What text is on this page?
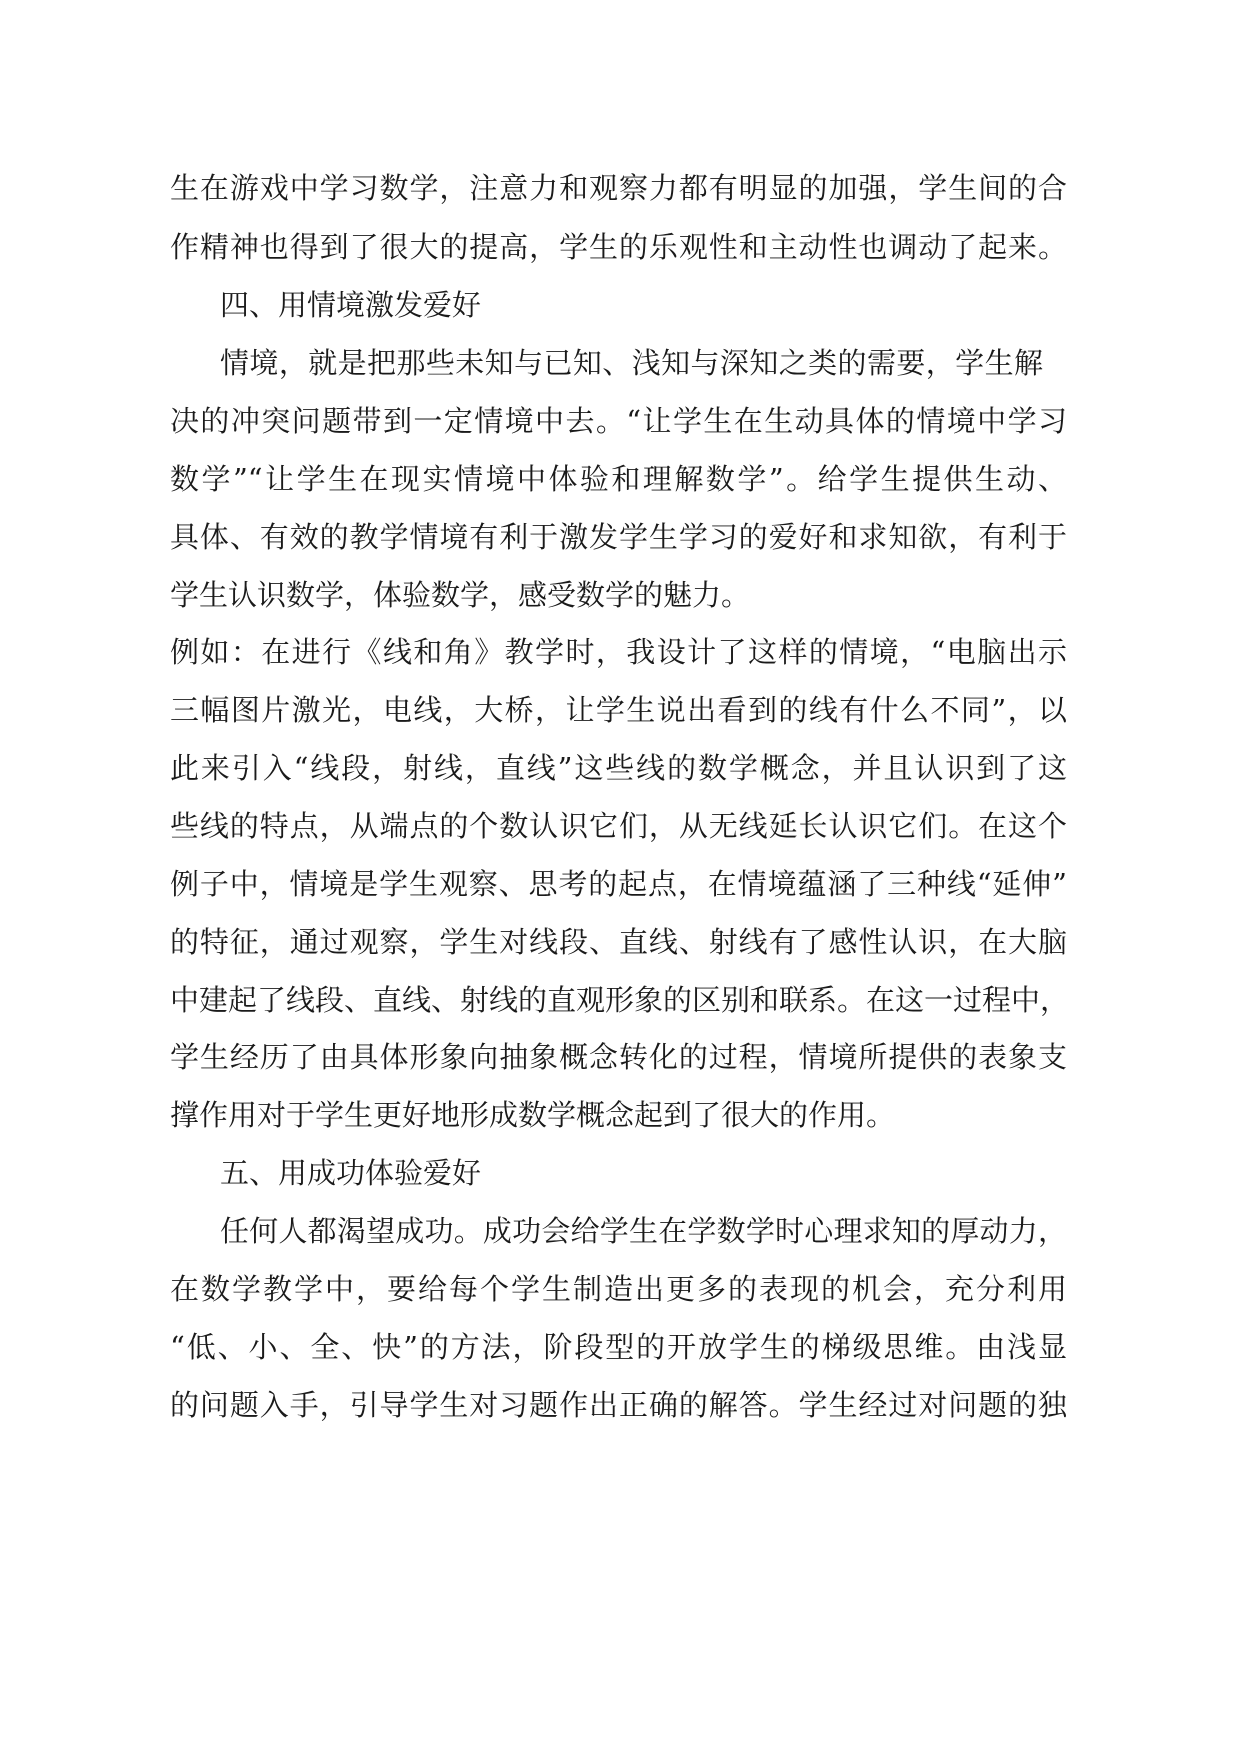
生在游戏中学习数学，注意力和观察力都有明显的加强，学生间的合

作精神也得到了很大的提高，学生的乐观性和主动性也调动了起来。

四、用情境激发爱好

情境，就是把那些未知与已知、浅知与深知之类的需要，学生解

决的冲突问题带到一定情境中去。“让学生在生动具体的情境中学习

数学”“让学生在现实情境中体验和理解数学”。给学生提供生动、

具体、有效的教学情境有利于激发学生学习的爱好和求知欲，有利于

学生认识数学，体验数学，感受数学的魅力。

例如：在进行《线和角》教学时，我设计了这样的情境，“电脑出示

三幅图片激光，电线，大桥，让学生说出看到的线有什么不同”，以

此来引入“线段，射线，直线”这些线的数学概念，并且认识到了这

些线的特点，从端点的个数认识它们，从无线延长认识它们。在这个

例子中，情境是学生观察、思考的起点，在情境蕴涵了三种线“延伸”

的特征，通过观察，学生对线段、直线、射线有了感性认识，在大脑

中建起了线段、直线、射线的直观形象的区别和联系。在这一过程中，

学生经历了由具体形象向抽象概念转化的过程，情境所提供的表象支

撑作用对于学生更好地形成数学概念起到了很大的作用。

五、用成功体验爱好

任何人都渴望成功。成功会给学生在学数学时心理求知的厚动力，

在数学教学中，要给每个学生制造出更多的表现的机会，充分利用

“低、小、全、快”的方法，阶段型的开放学生的梯级思维。由浅显

的问题入手，引导学生对习题作出正确的解答。学生经过对问题的独
